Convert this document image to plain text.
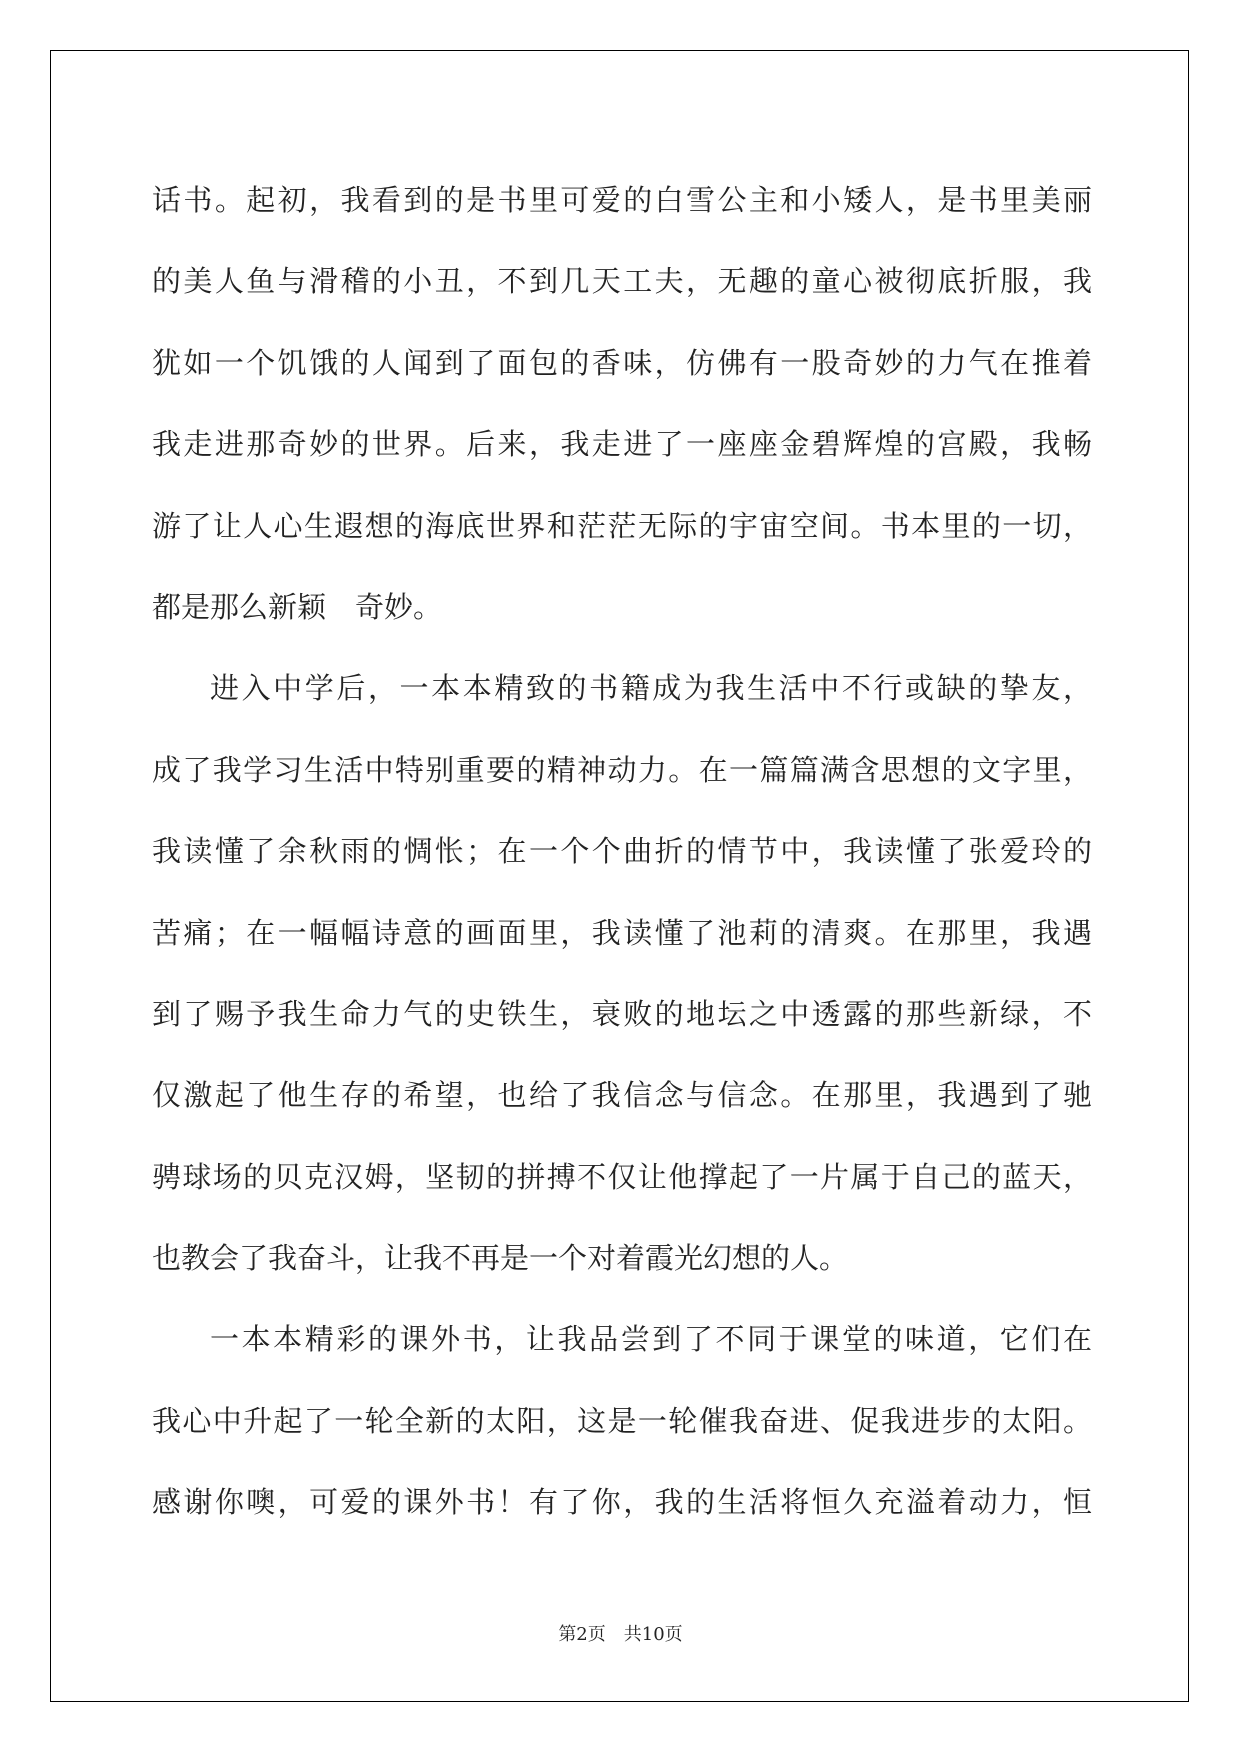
话书。起初，我看到的是书里可爱的白雪公主和小矮人，是书里美丽
的美人鱼与滑稽的小丑，不到几天工夫，无趣的童心被彻底折服，我
犹如一个饥饿的人闻到了面包的香味，仿佛有一股奇妙的力气在推着
我走进那奇妙的世界。后来，我走进了一座座金碧辉煌的宫殿，我畅
游了让人心生遐想的海底世界和茫茫无际的宇宙空间。书本里的一切，
都是那么新颖　奇妙。
进入中学后，一本本精致的书籍成为我生活中不行或缺的挚友，
成了我学习生活中特别重要的精神动力。在一篇篇满含思想的文字里，
我读懂了余秋雨的惆怅；在一个个曲折的情节中，我读懂了张爱玲的
苦痛；在一幅幅诗意的画面里，我读懂了池莉的清爽。在那里，我遇
到了赐予我生命力气的史铁生，衰败的地坛之中透露的那些新绿，不
仅激起了他生存的希望，也给了我信念与信念。在那里，我遇到了驰
骋球场的贝克汉姆，坚韧的拼搏不仅让他撑起了一片属于自己的蓝天，
也教会了我奋斗，让我不再是一个对着霞光幻想的人。
一本本精彩的课外书，让我品尝到了不同于课堂的味道，它们在
我心中升起了一轮全新的太阳，这是一轮催我奋进、促我进步的太阳。
感谢你噢，可爱的课外书！有了你，我的生活将恒久充溢着动力，恒
第2页　共10页
